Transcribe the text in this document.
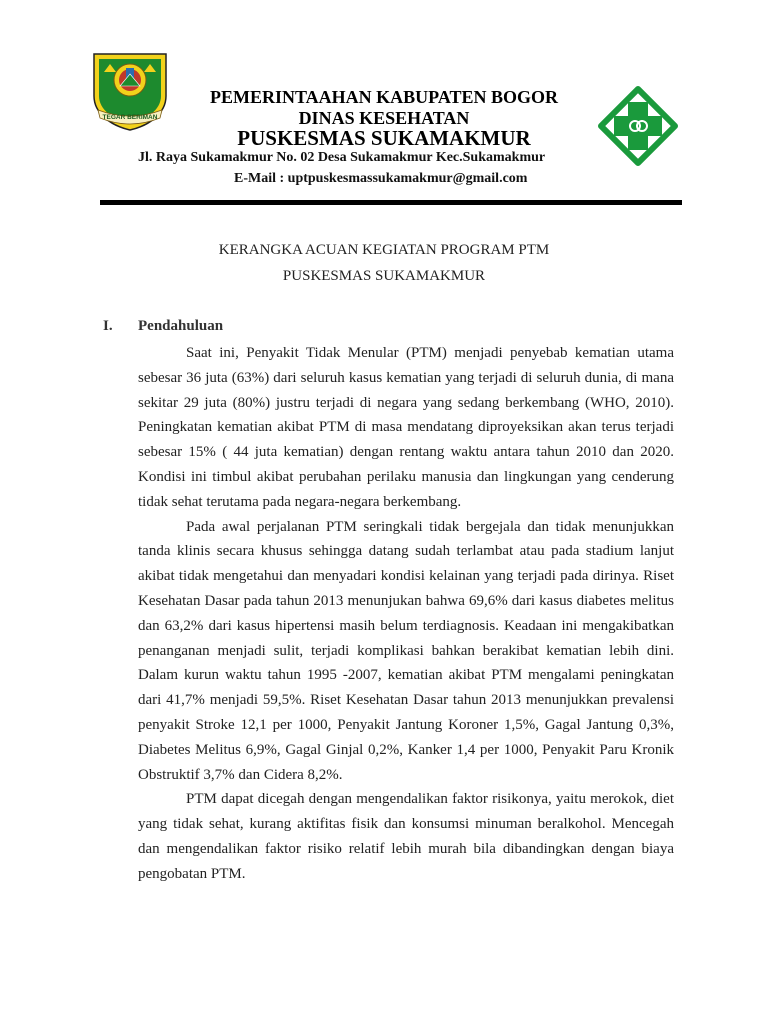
TEGAR BERIMAN
PEMERINTAAHAN KABUPATEN BOGOR
DINAS KESEHATAN
PUSKESMAS SUKAMAKMUR
Jl. Raya Sukamakmur No. 02 Desa Sukamakmur Kec.Sukamakmur
E-Mail : uptpuskesmassukamakmur@gmail.com
KERANGKA ACUAN KEGIATAN PROGRAM PTM
PUSKESMAS SUKAMAKMUR
I. Pendahuluan

Saat ini, Penyakit Tidak Menular (PTM) menjadi penyebab kematian utama sebesar 36 juta (63%) dari seluruh kasus kematian yang terjadi di seluruh dunia, di mana sekitar 29 juta (80%) justru terjadi di negara yang sedang berkembang (WHO, 2010). Peningkatan kematian akibat PTM di masa mendatang diproyeksikan akan terus terjadi sebesar 15% ( 44 juta kematian) dengan rentang waktu antara tahun 2010 dan 2020. Kondisi ini timbul akibat perubahan perilaku manusia dan lingkungan yang cenderung tidak sehat terutama pada negara-negara berkembang.

Pada awal perjalanan PTM seringkali tidak bergejala dan tidak menunjukkan tanda klinis secara khusus sehingga datang sudah terlambat atau pada stadium lanjut akibat tidak mengetahui dan menyadari kondisi kelainan yang terjadi pada dirinya. Riset Kesehatan Dasar pada tahun 2013 menunjukan bahwa 69,6% dari kasus diabetes melitus dan 63,2% dari kasus hipertensi masih belum terdiagnosis. Keadaan ini mengakibatkan penanganan menjadi sulit, terjadi komplikasi bahkan berakibat kematian lebih dini. Dalam kurun waktu tahun 1995 -2007, kematian akibat PTM mengalami peningkatan dari 41,7% menjadi 59,5%. Riset Kesehatan Dasar tahun 2013 menunjukkan prevalensi penyakit Stroke 12,1 per 1000, Penyakit Jantung Koroner 1,5%, Gagal Jantung 0,3%, Diabetes Melitus 6,9%, Gagal Ginjal 0,2%, Kanker 1,4 per 1000, Penyakit Paru Kronik Obstruktif 3,7% dan Cidera 8,2%.

PTM dapat dicegah dengan mengendalikan faktor risikonya, yaitu merokok, diet yang tidak sehat, kurang aktifitas fisik dan konsumsi minuman beralkohol. Mencegah dan mengendalikan faktor risiko relatif lebih murah bila dibandingkan dengan biaya pengobatan PTM.
